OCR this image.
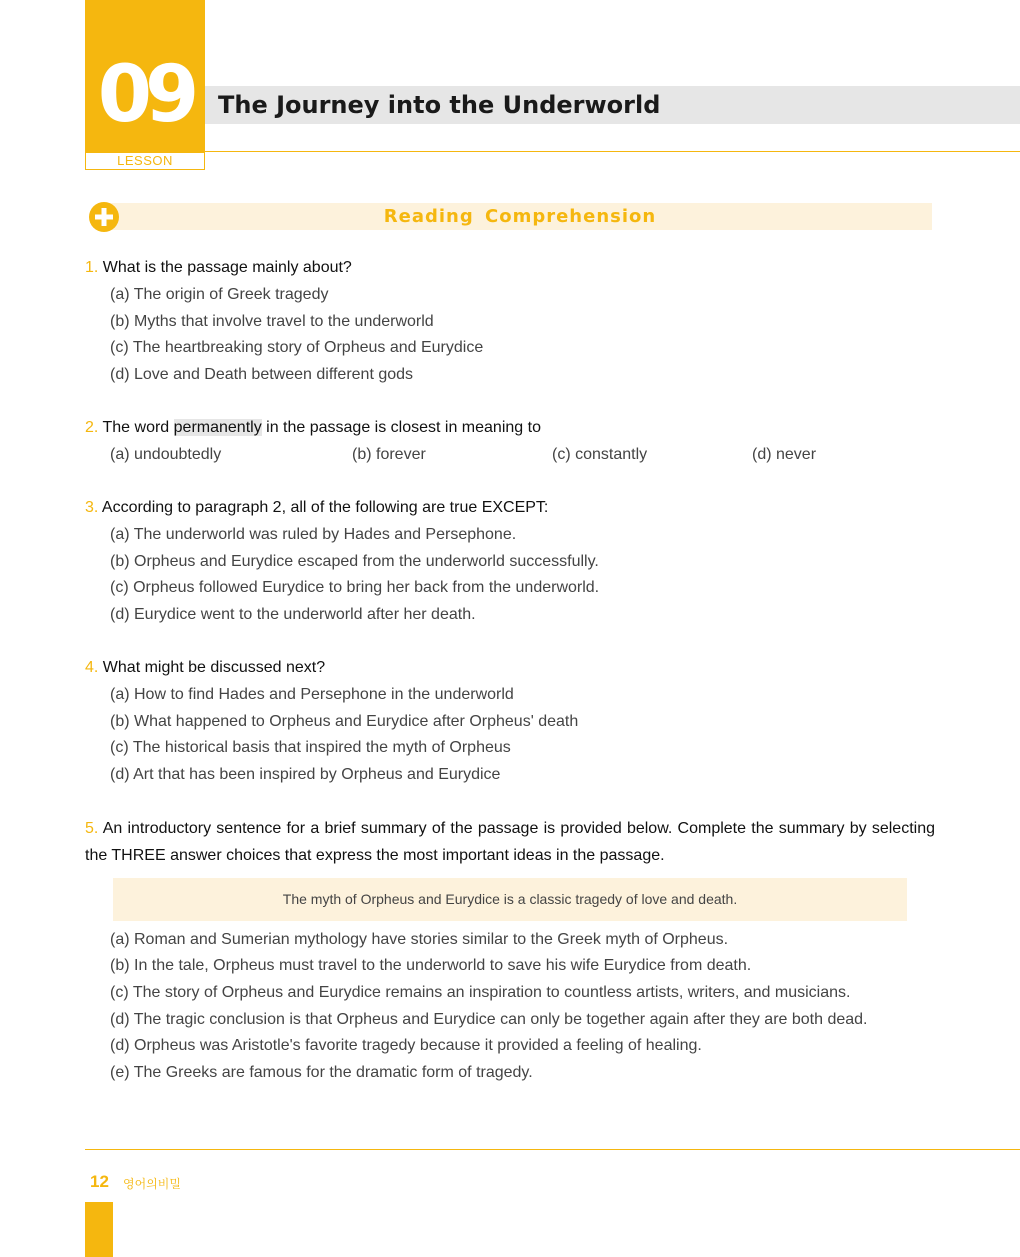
09
LESSON
The Journey into the Underworld
Reading Comprehension
1. What is the passage mainly about?
(a) The origin of Greek tragedy
(b) Myths that involve travel to the underworld
(c) The heartbreaking story of Orpheus and Eurydice
(d) Love and Death between different gods
2. The word permanently in the passage is closest in meaning to
(a) undoubtedly	(b) forever	(c) constantly	(d) never
3. According to paragraph 2, all of the following are true EXCEPT:
(a) The underworld was ruled by Hades and Persephone.
(b) Orpheus and Eurydice escaped from the underworld successfully.
(c) Orpheus followed Eurydice to bring her back from the underworld.
(d) Eurydice went to the underworld after her death.
4. What might be discussed next?
(a) How to find Hades and Persephone in the underworld
(b) What happened to Orpheus and Eurydice after Orpheus' death
(c) The historical basis that inspired the myth of Orpheus
(d) Art that has been inspired by Orpheus and Eurydice
5. An introductory sentence for a brief summary of the passage is provided below. Complete the summary by selecting the THREE answer choices that express the most important ideas in the passage.
The myth of Orpheus and Eurydice is a classic tragedy of love and death.
(a) Roman and Sumerian mythology have stories similar to the Greek myth of Orpheus.
(b) In the tale, Orpheus must travel to the underworld to save his wife Eurydice from death.
(c) The story of Orpheus and Eurydice remains an inspiration to countless artists, writers, and musicians.
(d) The tragic conclusion is that Orpheus and Eurydice can only be together again after they are both dead.
(d) Orpheus was Aristotle's favorite tragedy because it provided a feeling of healing.
(e) The Greeks are famous for the dramatic form of tragedy.
12 영어의비밀
